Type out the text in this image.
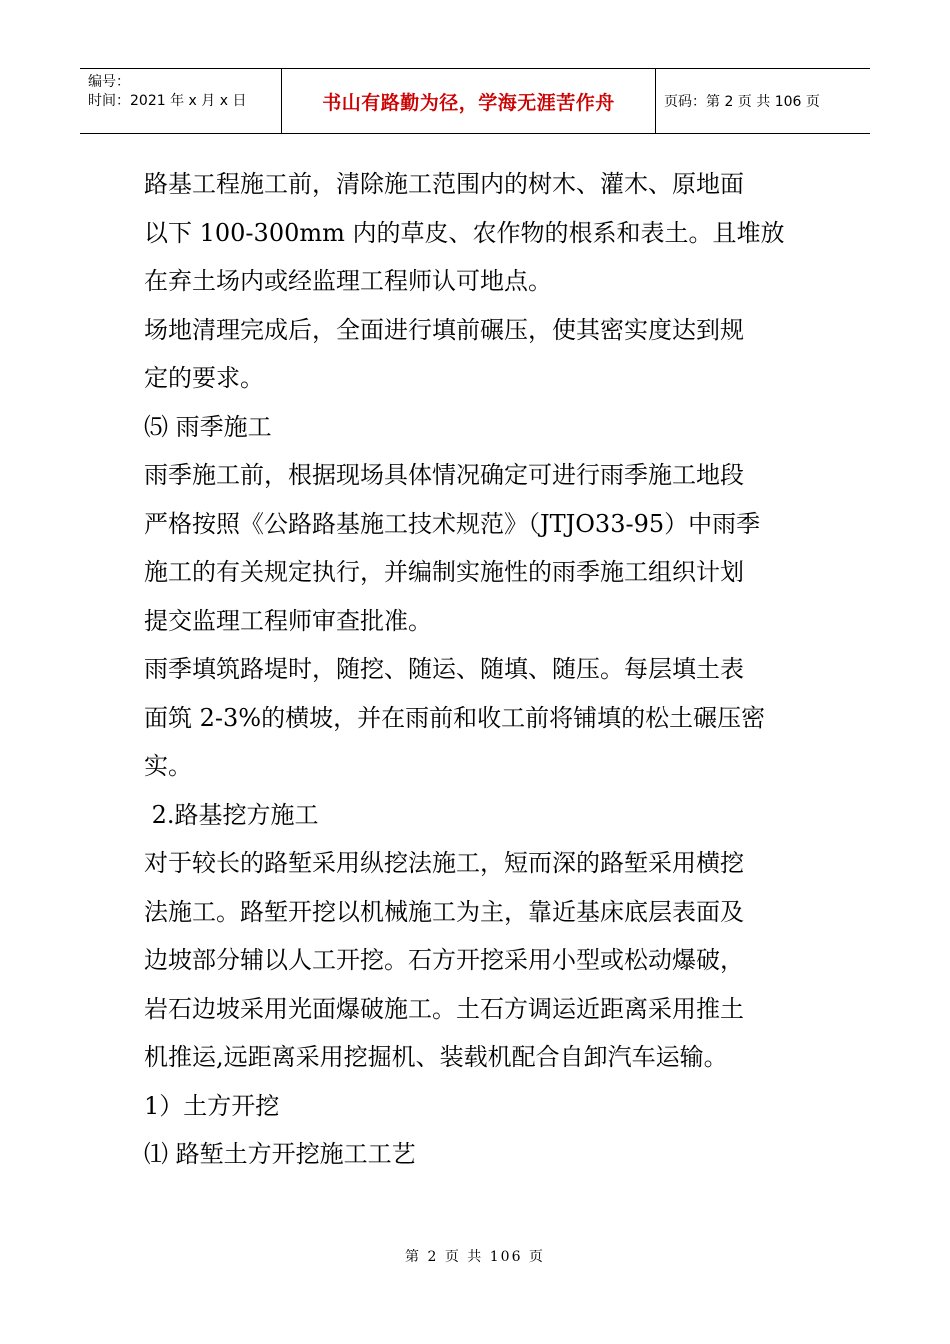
编号：
时间：2021 年 x 月 x 日	书山有路勤为径，学海无涯苦作舟	页码：第 2 页 共 106 页

路基工程施工前，清除施工范围内的树木、灌木、原地面

以下 100-300mm 内的草皮、农作物的根系和表土。且堆放

在弃土场内或经监理工程师认可地点。

场地清理完成后，全面进行填前碾压，使其密实度达到规

定的要求。

⑸ 雨季施工

雨季施工前，根据现场具体情况确定可进行雨季施工地段

严格按照《公路路基施工技术规范》（JTJO33-95）中雨季

施工的有关规定执行，并编制实施性的雨季施工组织计划

提交监理工程师审查批准。

雨季填筑路堤时，随挖、随运、随填、随压。每层填土表

面筑 2-3%的横坡，并在雨前和收工前将铺填的松土碾压密

实。

2.路基挖方施工

对于较长的路堑采用纵挖法施工，短而深的路堑采用横挖

法施工。路堑开挖以机械施工为主，靠近基床底层表面及

边坡部分辅以人工开挖。石方开挖采用小型或松动爆破，

岩石边坡采用光面爆破施工。土石方调运近距离采用推土

机推运,远距离采用挖掘机、装载机配合自卸汽车运输。

1）土方开挖

⑴ 路堑土方开挖施工工艺

第 2 页 共 106 页
